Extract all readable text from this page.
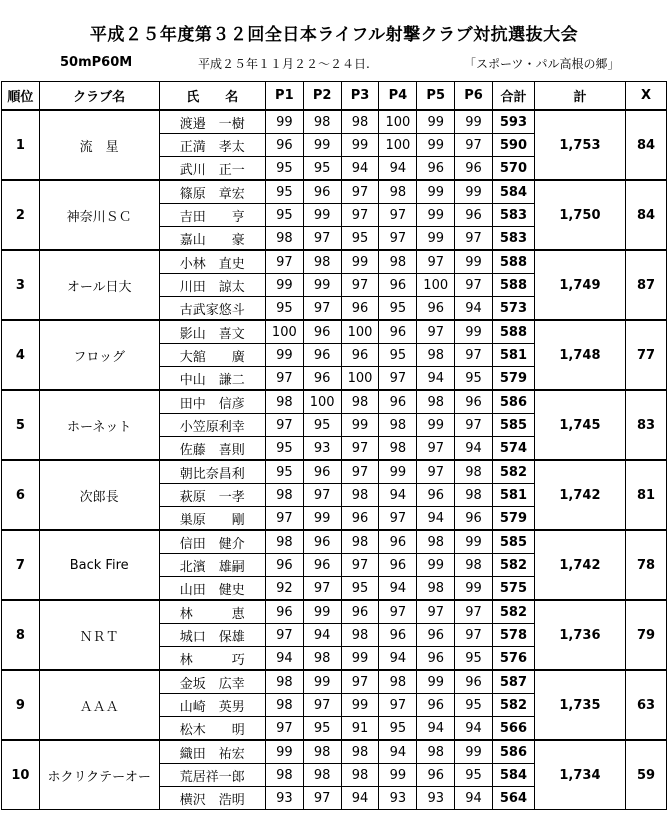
平成２５年度第３２回全日本ライフル射撃クラブ対抗選抜大会
50mP60M	平成２５年１１月２２～２４日.	「スポーツ・パル高根の郷」
順位	クラブ名	氏　　名	P1	P2	P3	P4	P5	P6	合計	計	X
1	流　星	渡邉　一樹	99	98	98	100	99	99	593	1,753	84
		正満　孝太	96	99	99	100	99	97	590		
		武川　正一	95	95	94	94	96	96	570		
2	神奈川ＳＣ	篠原　章宏	95	96	97	98	99	99	584	1,750	84
		吉田　　亨	95	99	97	97	99	96	583		
		嘉山　　豪	98	97	95	97	99	97	583		
3	オール日大	小林　直史	97	98	99	98	97	99	588	1,749	87
		川田　諒太	99	99	97	96	100	97	588		
		古武家悠斗	95	97	96	95	96	94	573		
4	フロッグ	影山　喜文	100	96	100	96	97	99	588	1,748	77
		大舘　　廣	99	96	96	95	98	97	581		
		中山　謙二	97	96	100	97	94	95	579		
5	ホーネット	田中　信彦	98	100	98	96	98	96	586	1,745	83
		小笠原利幸	97	95	99	98	99	97	585		
		佐藤　喜則	95	93	97	98	97	94	574		
6	次郎長	朝比奈昌利	95	96	97	99	97	98	582	1,742	81
		萩原　一孝	98	97	98	94	96	98	581		
		巣原　　剛	97	99	96	97	94	96	579		
7	Back Fire	信田　健介	98	96	98	96	98	99	585	1,742	78
		北濱　雄嗣	96	96	97	96	99	98	582		
		山田　健史	92	97	95	94	98	99	575		
8	ＮＲＴ	林　　　恵	96	99	96	97	97	97	582	1,736	79
		城口　保雄	97	94	98	96	96	97	578		
		林　　　巧	94	98	99	94	96	95	576		
9	ＡＡＡ	金坂　広幸	98	99	97	98	99	96	587	1,735	63
		山崎　英男	98	97	99	97	96	95	582		
		松木　　明	97	95	91	95	94	94	566		
10	ホクリクテーオー	織田　祐宏	99	98	98	94	98	99	586	1,734	59
		荒居祥一郎	98	98	98	99	96	95	584		
		横沢　浩明	93	97	94	93	93	94	564		
